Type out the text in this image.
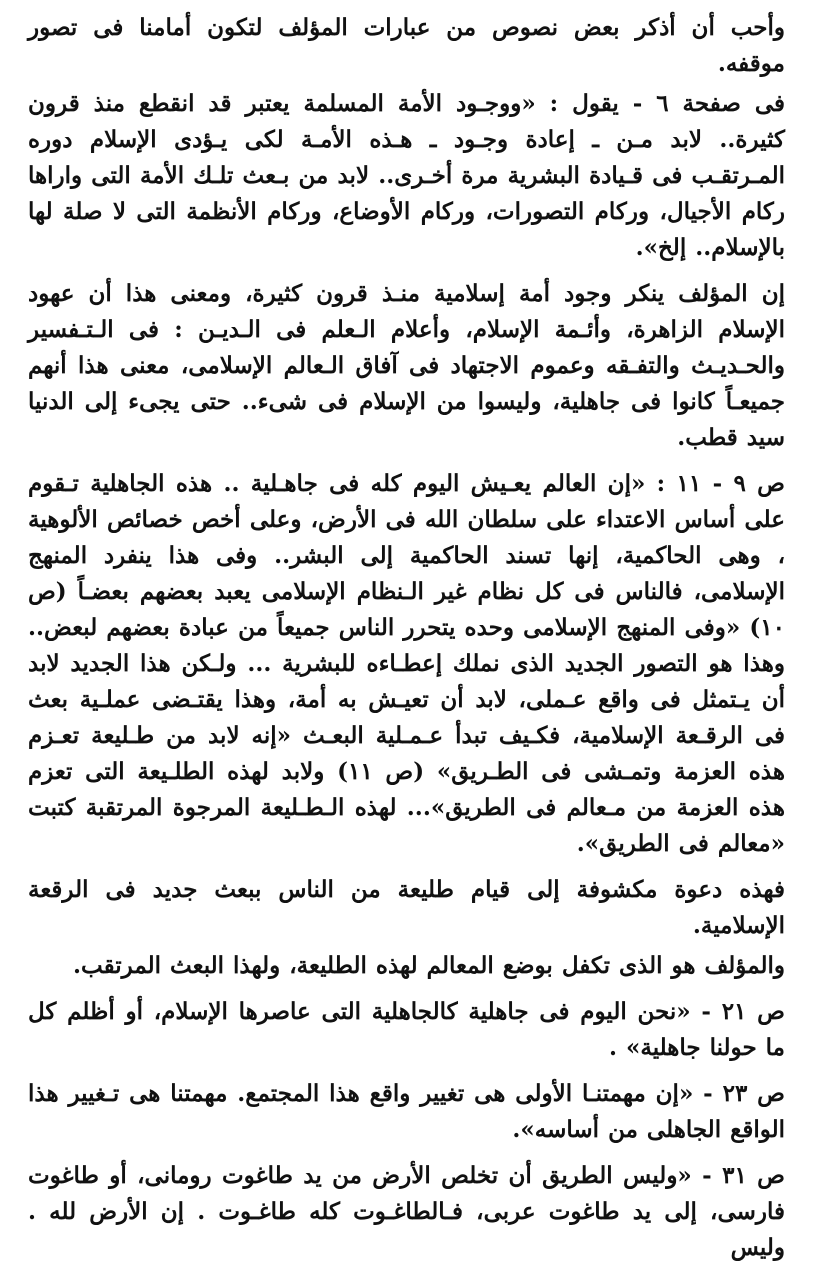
وأحب أن أذكر بعض نصوص من عبارات المؤلف لتكون أمامنا فى تصور موقفه.

فى صفحة ٦ - يقول : «ووجـود الأمة المسلمة يعتبر قد انقطع منذ قرون كثيرة.. لابد مـن ـ إعادة وجـود ـ هـذه الأمـة لكى يـؤدى الإسلام دوره المـرتقـب فى قـيادة البشرية مرة أخـرى.. لابد من بـعث تلـك الأمة التى واراها ركام الأجيال، وركام التصورات، وركام الأوضاع، وركام الأنظمة التى لا صلة لها بالإسلام.. إلخ».

إن المؤلف ينكر وجود أمة إسلامية منـذ قرون كثيرة، ومعنى هذا أن عهود الإسلام الزاهرة، وأئـمة الإسلام، وأعلام الـعلم فى الـديـن : فى الـتـفسير والحـديـث والتفـقه وعموم الاجتهاد فى آفاق الـعالم الإسلامى، معنى هذا أنهم جميعـاً كانوا فى جاهلية، وليسوا من الإسلام فى شىء.. حتى يجىء إلى الدنيا سيد قطب.

ص ٩ - ١١ : «إن العالم يعـيش اليوم كله فى جاهـلية .. هذه الجاهلية تـقوم على أساس الاعتداء على سلطان الله فى الأرض، وعلى أخص خصائص الألوهية ، وهى الحاكمية، إنها تسند الحاكمية إلى البشر.. وفى هذا ينفرد المنهج الإسلامى، فالناس فى كل نظام غير الـنظام الإسلامى يعبد بعضهم بعضـاً (ص ١٠) «وفى المنهج الإسلامى وحده يتحرر الناس جميعاً من عبادة بعضهم لبعض.. وهذا هو التصور الجديد الذى نملك إعطـاءه للبشرية ... ولـكن هذا الجديد لابد أن يـتمثل فى واقع عـملى، لابد أن تعيـش به أمة، وهذا يقتـضى عملـية بعث فى الرقـعة الإسلامية، فكـيف تبدأ عـمـلية البعـث «إنه لابد من طـليعة تعـزم هذه العزمة وتمـشى فى الطـريق» (ص ١١) ولابد لهذه الطلـيعة التى تعزم هذه العزمة من مـعالم فى الطريق»... لهذه الـطـليعة المرجوة المرتقبة كتبت «معالم فى الطريق».

فهذه دعوة مكشوفة إلى قيام طليعة من الناس ببعث جديد فى الرقعة الإسلامية.

والمؤلف هو الذى تكفل بوضع المعالم لهذه الطليعة، ولهذا البعث المرتقب.

ص ٢١ - «نحن اليوم فى جاهلية كالجاهلية التى عاصرها الإسلام، أو أظلم كل ما حولنا جاهلية» .

ص ٢٣ - «إن مهمتنـا الأولى هى تغيير واقع هذا المجتمع. مهمتنا هى تـغيير هذا الواقع الجاهلى من أساسه».

ص ٣١ - «وليس الطريق أن تخلص الأرض من يد طاغوت رومانى، أو طاغوت فارسى، إلى يد طاغوت عربى، فـالطاغـوت كله طاغـوت . إن الأرض لله . وليس
